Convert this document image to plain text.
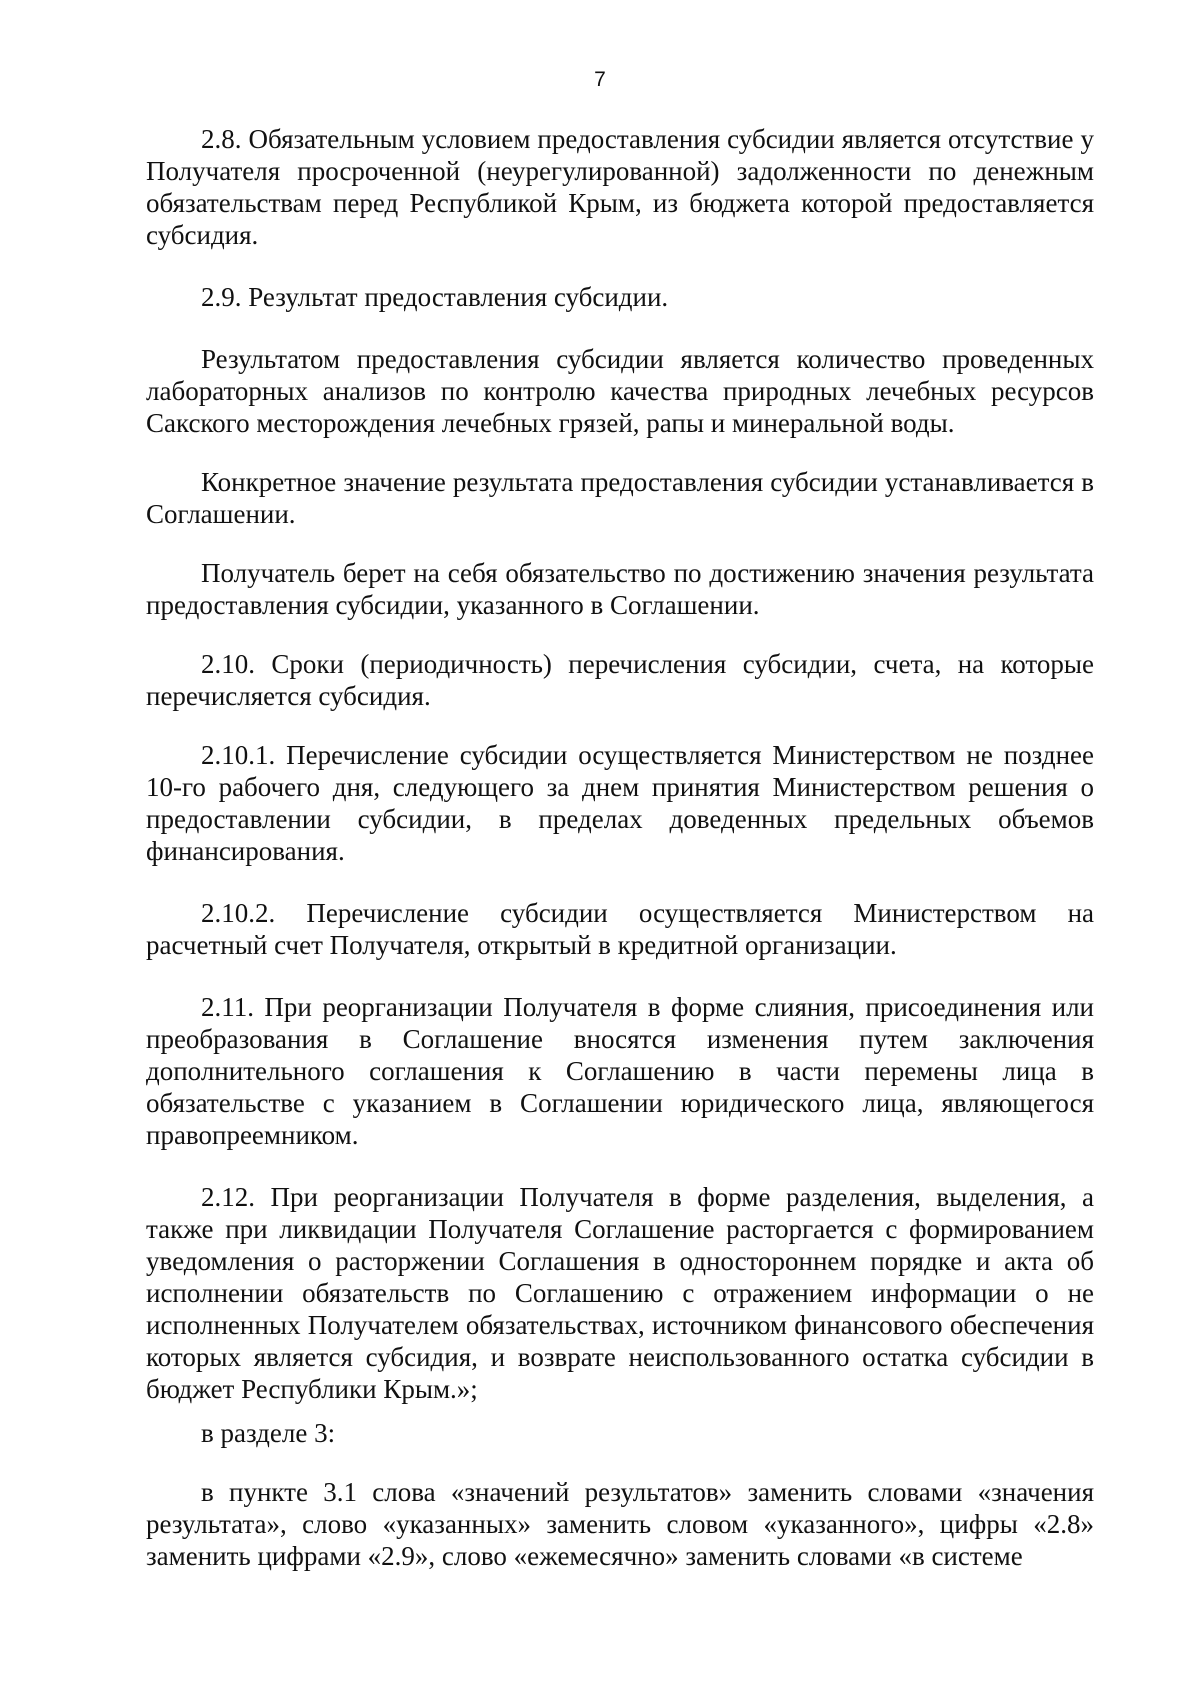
7

2.8. Обязательным условием предоставления субсидии является отсутствие у Получателя просроченной (неурегулированной) задолженности по денежным обязательствам перед Республикой Крым, из бюджета которой предоставляется субсидия.

2.9. Результат предоставления субсидии.

Результатом предоставления субсидии является количество проведенных лабораторных анализов по контролю качества природных лечебных ресурсов Сакского месторождения лечебных грязей, рапы и минеральной воды.

Конкретное значение результата предоставления субсидии устанавливается в Соглашении.

Получатель берет на себя обязательство по достижению значения результата предоставления субсидии, указанного в Соглашении.

2.10. Сроки (периодичность) перечисления субсидии, счета, на которые перечисляется субсидия.

2.10.1. Перечисление субсидии осуществляется Министерством не позднее 10-го рабочего дня, следующего за днем принятия Министерством решения о предоставлении субсидии, в пределах доведенных предельных объемов финансирования.

2.10.2. Перечисление субсидии осуществляется Министерством на расчетный счет Получателя, открытый в кредитной организации.

2.11. При реорганизации Получателя в форме слияния, присоединения или преобразования в Соглашение вносятся изменения путем заключения дополнительного соглашения к Соглашению в части перемены лица в обязательстве с указанием в Соглашении юридического лица, являющегося правопреемником.

2.12. При реорганизации Получателя в форме разделения, выделения, а также при ликвидации Получателя Соглашение расторгается с формированием уведомления о расторжении Соглашения в одностороннем порядке и акта об исполнении обязательств по Соглашению с отражением информации о не исполненных Получателем обязательствах, источником финансового обеспечения которых является субсидия, и возврате неиспользованного остатка субсидии в бюджет Республики Крым.»;

в разделе 3:

в пункте 3.1 слова «значений результатов» заменить словами «значения результата», слово «указанных» заменить словом «указанного», цифры «2.8» заменить цифрами «2.9», слово «ежемесячно» заменить словами «в системе
